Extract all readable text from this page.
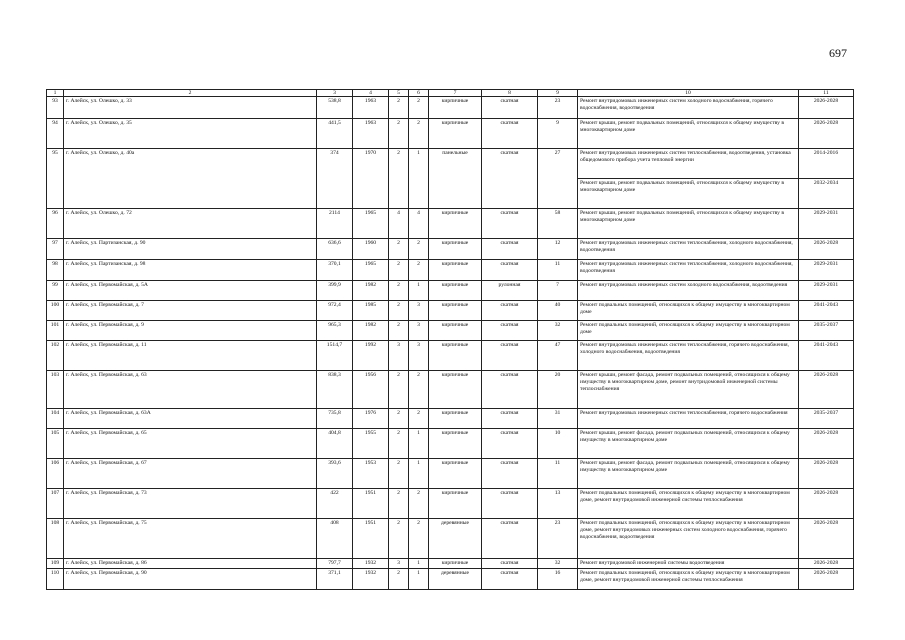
697
1	2	3	4	5	6	7	8	9	10	11
93	г. Алейск, ул. Олешко, д. 33	538,8	1963	2	2	кирпичные	скатная	23	Ремонт внутридомовых инженерных систем холодного водоснабжения, горячего водоснабжения, водоотведения	2026-2028
94	г. Алейск, ул. Олешко, д. 35	441,5	1963	2	2	кирпичные	скатная	9	Ремонт крыши, ремонт подвальных помещений, относящихся к общему имуществу в многоквартирном доме	2026-2028
95	г. Алейск, ул. Олешко, д. 40а	374	1970	2	1	панельные	скатная	27	Ремонт внутридомовых инженерных систем теплоснабжения, водоотведения, установка общедомового прибора учета тепловой энергии	2014-2016
									Ремонт крыши, ремонт подвальных помещений, относящихся к общему имуществу в многоквартирном доме	2032-2034
96	г. Алейск, ул. Олешко, д. 72	2114	1965	4	4	кирпичные	скатная	58	Ремонт крыши, ремонт подвальных помещений, относящихся к общему имуществу в многоквартирном доме	2029-2031
97	г. Алейск, ул. Партизанская, д. 90	636,6	1960	2	2	кирпичные	скатная	12	Ремонт внутридомовых инженерных систем теплоснабжения, холодного водоснабжения, водоотведения	2026-2028
98	г. Алейск, ул. Партизанская, д. 98	370,1	1965	2	2	кирпичные	скатная	11	Ремонт внутридомовых инженерных систем теплоснабжения, холодного водоснабжения, водоотведения	2029-2031
99	г. Алейск, ул. Первомайская, д. 5А	399,9	1982	2	1	кирпичные	рулонная	7	Ремонт внутридомовых инженерных систем холодного водоснабжения, водоотведения	2029-2031
100	г. Алейск, ул. Первомайская, д. 7	972,4	1985	2	3	кирпичные	скатная	40	Ремонт подвальных помещений, относящихся к общему имуществу в многоквартирном доме	2041-2043
101	г. Алейск, ул. Первомайская, д. 9	965,3	1982	2	3	кирпичные	скатная	32	Ремонт подвальных помещений, относящихся к общему имуществу в многоквартирном доме	2035-2037
102	г. Алейск, ул. Первомайская, д. 11	1514,7	1992	3	3	кирпичные	скатная	47	Ремонт внутридомовых инженерных систем теплоснабжения, горячего водоснабжения, холодного водоснабжения, водоотведения	2041-2043
103	г. Алейск, ул. Первомайская, д. 63	838,3	1956	2	2	кирпичные	скатная	20	Ремонт крыши, ремонт фасада, ремонт подвальных помещений, относящихся к общему имуществу в многоквартирном доме, ремонт внутридомовой инженерной системы теплоснабжения	2026-2028
104	г. Алейск, ул. Первомайская, д. 63А	735,8	1976	2	2	кирпичные	скатная	31	Ремонт внутридомовых инженерных систем теплоснабжения, горячего водоснабжения	2035-2037
105	г. Алейск, ул. Первомайская, д. 65	404,8	1955	2	1	кирпичные	скатная	10	Ремонт крыши, ремонт фасада, ремонт подвальных помещений, относящихся к общему имуществу в многоквартирном доме	2026-2028
106	г. Алейск, ул. Первомайская, д. 67	393,6	1953	2	1	кирпичные	скатная	11	Ремонт крыши, ремонт фасада, ремонт подвальных помещений, относящихся к общему имуществу в многоквартирном доме	2026-2028
107	г. Алейск, ул. Первомайская, д. 73	422	1951	2	2	кирпичные	скатная	13	Ремонт подвальных помещений, относящихся к общему имуществу в многоквартирном доме, ремонт внутридомовой инженерной системы теплоснабжения	2026-2028
108	г. Алейск, ул. Первомайская, д. 75	408	1951	2	2	деревянные	скатная	23	Ремонт подвальных помещений, относящихся к общему имуществу в многоквартирном доме, ремонт внутридомовых инженерных систем холодного водоснабжения, горячего водоснабжения, водоотведения	2026-2028
109	г. Алейск, ул. Первомайская, д. 86	797,7	1932	3	1	кирпичные	скатная	32	Ремонт внутридомовой инженерной системы водоотведения	2026-2028
110	г. Алейск, ул. Первомайская, д. 90	371,1	1932	2	1	деревянные	скатная	16	Ремонт подвальных помещений, относящихся к общему имуществу в многоквартирном доме, ремонт внутридомовой инженерной системы теплоснабжения	2026-2028
